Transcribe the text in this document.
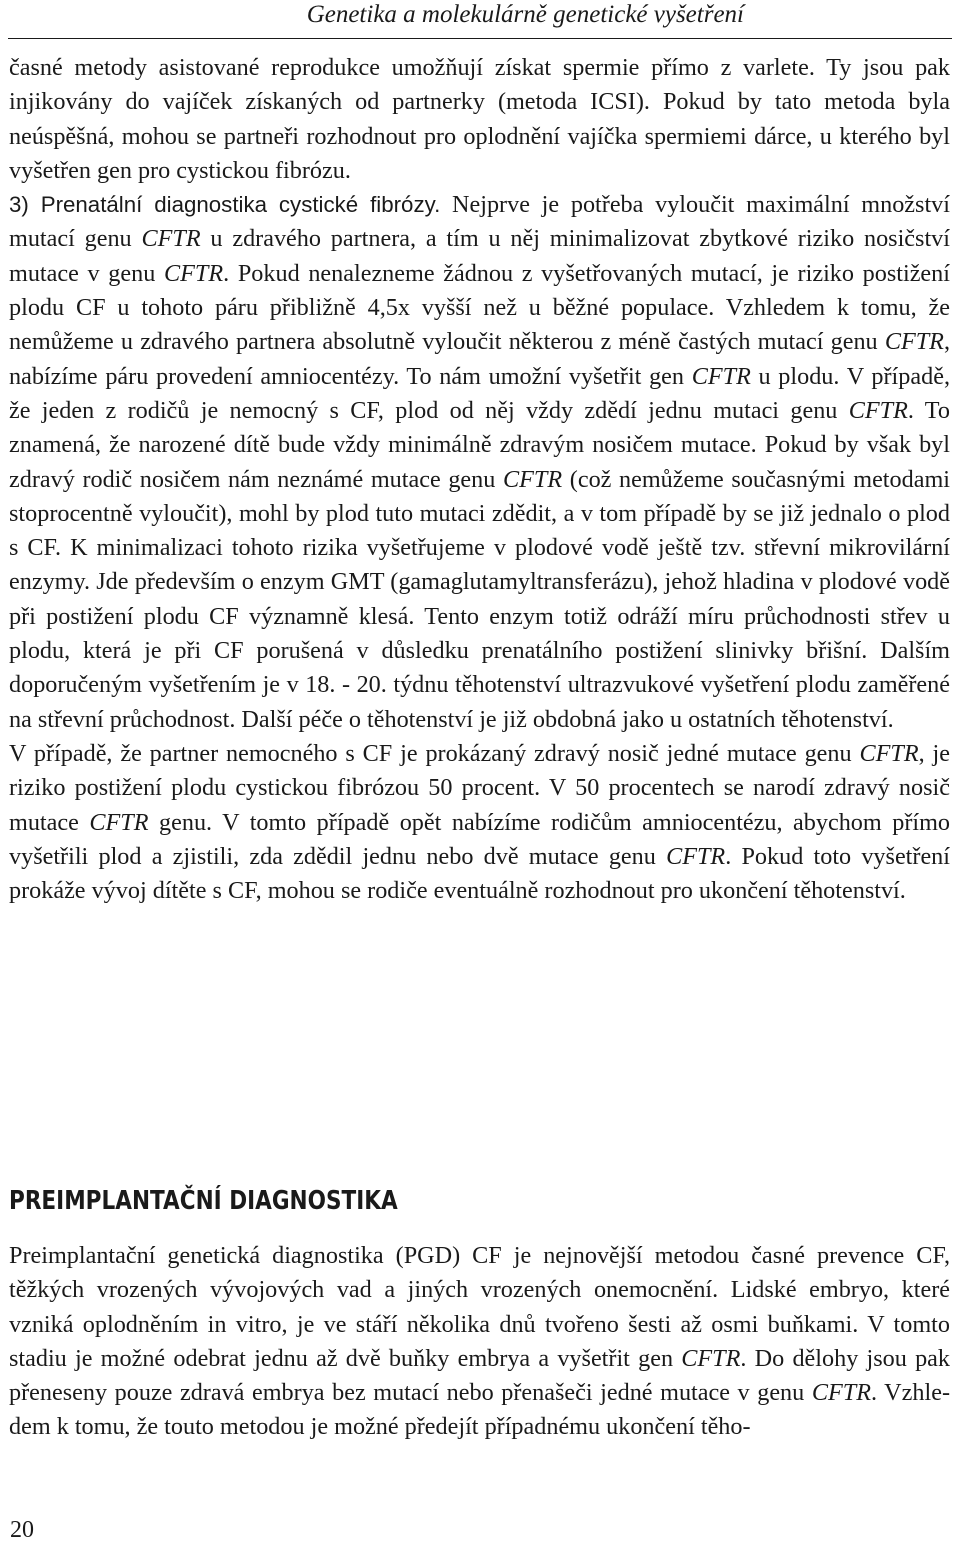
Genetika a molekulárně genetické vyšetření

časné metody asistované reprodukce umožňují získat spermie přímo z varlete. Ty jsou pak injikovány do vajíček získaných od partnerky (metoda ICSI). Pokud by tato metoda byla neúspěšná, mohou se partneři rozhodnout pro oplodnění vajíčka spermiemi dárce, u kterého byl vyšetřen gen pro cystickou fibrózu.

3) Prenatální diagnostika cystické fibrózy. Nejprve je potřeba vyloučit maximální množství mutací genu CFTR u zdravého partnera, a tím u něj minimalizovat zbytkové riziko nosičství mutace v genu CFTR. Pokud nenalezneme žádnou z vyšetřovaných mutací, je riziko postižení plodu CF u tohoto páru přibližně 4,5x vyšší než u běžné populace. Vzhledem k tomu, že nemůžeme u zdravého partnera absolutně vyloučit některou z méně častých mutací genu CFTR, nabízíme páru provedení amniocentézy. To nám umožní vyšetřit gen CFTR u plodu. V případě, že jeden z rodičů je nemocný s CF, plod od něj vždy zdědí jednu mutaci genu CFTR. To znamená, že narozené dítě bude vždy minimálně zdravým nosičem mutace. Pokud by však byl zdravý rodič nosičem nám neznámé mutace genu CFTR (což nemůžeme současnými metodami stoprocentně vyloučit), mohl by plod tuto mutaci zdědit, a v tom případě by se již jednalo o plod s CF. K minimalizaci tohoto rizika vyšetřujeme v plodové vodě ještě tzv. střevní mikrovilární enzymy. Jde především o enzym GMT (gamaglutamyltransferázu), jehož hladina v plodové vodě při postižení plodu CF významně klesá. Tento enzym totiž odráží míru průchodnosti střev u plodu, která je při CF porušená v důsledku prenatálního postižení slinivky břišní. Dalším doporučeným vyšetřením je v 18. - 20. týdnu těhotenství ultrazvukové vyšetření plodu zaměřené na střevní průchodnost. Další péče o těhotenství je již obdobná jako u ostatních těhotenství.

V případě, že partner nemocného s CF je prokázaný zdravý nosič jedné mutace genu CFTR, je riziko postižení plodu cystickou fibrózou 50 procent. V 50 procentech se narodí zdravý nosič mutace CFTR genu. V tomto případě opět nabízíme rodičům amniocentézu, abychom přímo vyšetřili plod a zjistili, zda zdědil jednu nebo dvě mutace genu CFTR. Pokud toto vyšetření prokáže vývoj dítěte s CF, mohou se rodiče eventuálně rozhodnout pro ukončení těhotenství.

PREIMPLANTAČNÍ DIAGNOSTIKA

Preimplantační genetická diagnostika (PGD) CF je nejnovější metodou časné prevence CF, těžkých vrozených vývojových vad a jiných vrozených onemocnění. Lidské embryo, které vzniká oplodněním in vitro, je ve stáří několika dnů tvořeno šesti až osmi buňkami. V tomto stadiu je možné odebrat jednu až dvě buňky embrya a vyšetřit gen CFTR. Do dělohy jsou pak přeneseny pouze zdravá embrya bez mutací nebo přenašeči jedné mutace v genu CFTR. Vzhledem k tomu, že touto metodou je možné předejít případnému ukončení těho-

20
